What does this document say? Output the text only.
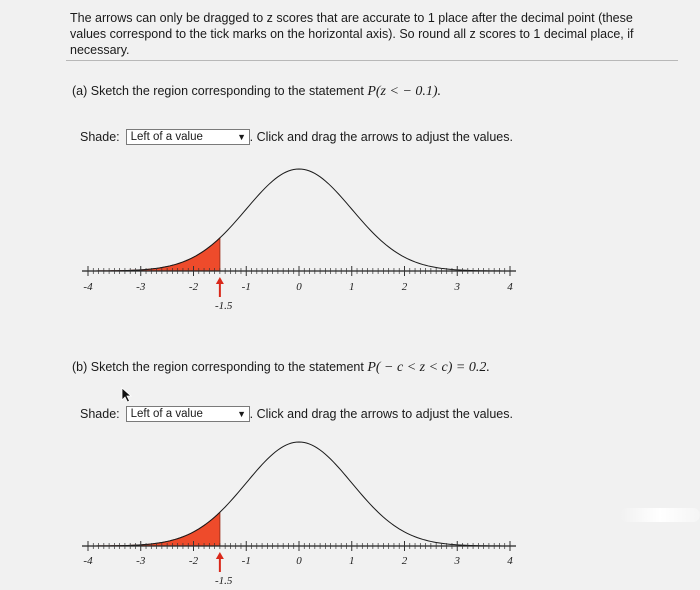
The arrows can only be dragged to z scores that are accurate to 1 place after the decimal point (these values correspond to the tick marks on the horizontal axis). So round all z scores to 1 decimal place, if necessary.
(a) Sketch the region corresponding to the statement P(z < − 0.1).
Shade: Left of a value	▼ . Click and drag the arrows to adjust the values.
-4	-3	-2	-1	0	1	2	3	4
-4	-3	-2	-1	0	1	2	3	4
-1.5
(b) Sketch the region corresponding to the statement P( − c < z < c) = 0.2.
Shade: Left of a value	▼ . Click and drag the arrows to adjust the values.
-1.5
